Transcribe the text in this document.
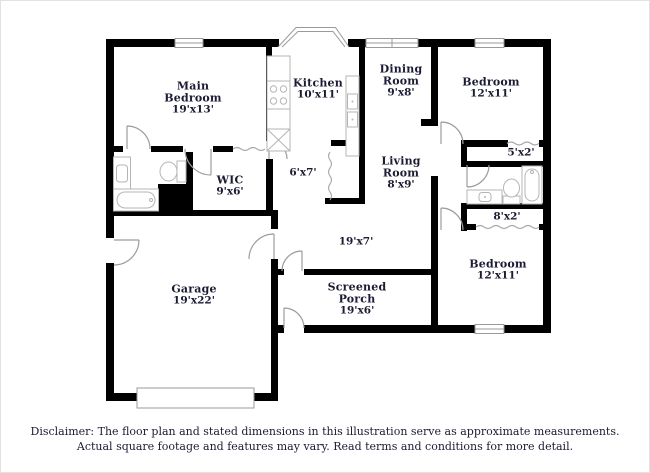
Main Bedroom
19'x13'
Kitchen
10'x11'
Dining Room
9'x8'
Bedroom
12'x11'
WIC
9'x6'
6'x7'
Living Room
8'x9'
5'x2'
8'x2'
19'x7'
Garage
19'x22'
Screened Porch
19'x6'
Bedroom
12'x11'
Disclaimer: The floor plan and stated dimensions in this illustration serve as approximate measurements.
Actual square footage and features may vary. Read terms and conditions for more detail.
